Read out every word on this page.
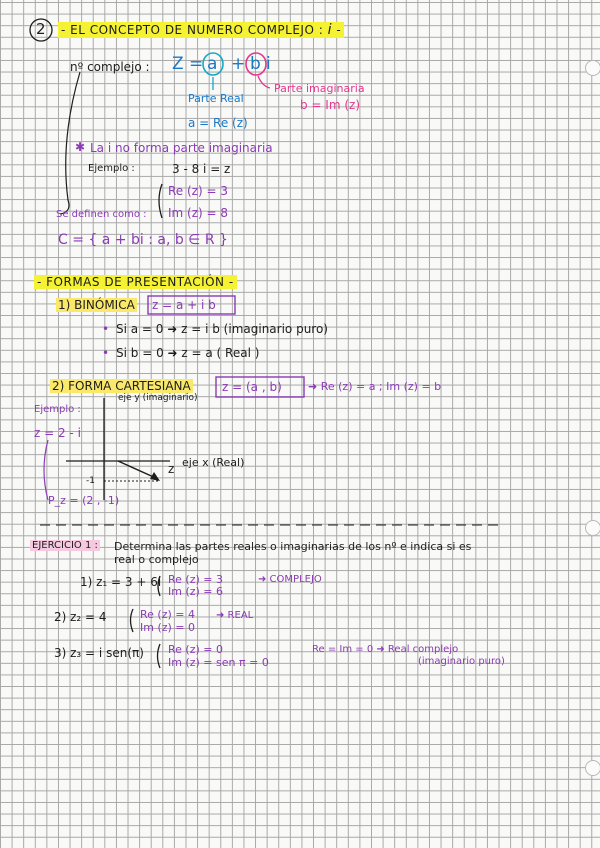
2 - EL CONCEPTO DE NUMERO COMPLEJO : i -
nº complejo : Z = a + b i
Parte imaginaria
b = Im (z)
Parte Real
a = Re (z)
✱ La i no forma parte imaginaria
Ejemplo :	3 - 8 i = z
Re (z) = 3
Im (z) = 8
Se definen como :
C = { a + bi : a, b ∈ R }
- FORMAS DE PRESENTACIÓN -
1) BINÓMICA z = a + i b
• Si a = 0 ➜ z = i b (imaginario puro)
• Si b = 0 ➜ z = a ( Real )
2) FORMA CARTESIANA	z = (a , b) ➜ Re (z) = a ; Im (z) = b
eje y (imaginario)
Ejemplo :
z = 2 - i
z eje x (Real)
-1
P_z = (2 , -1)
EJERCICIO 1 : Determina las partes reales o imaginarias de los nº e indica si es
real o complejo
1) z₁ = 3 + 6i Re (z) = 3
Im (z) = 6
➜ COMPLEJO
2) z₂ = 4	Re (z) = 4
Im (z) = 0
➜ REAL
3) z₃ = i sen(π) Re (z) = 0
Im (z) = sen π = 0
Re = Im = 0 ➜ Real complejo
(imaginario puro)
